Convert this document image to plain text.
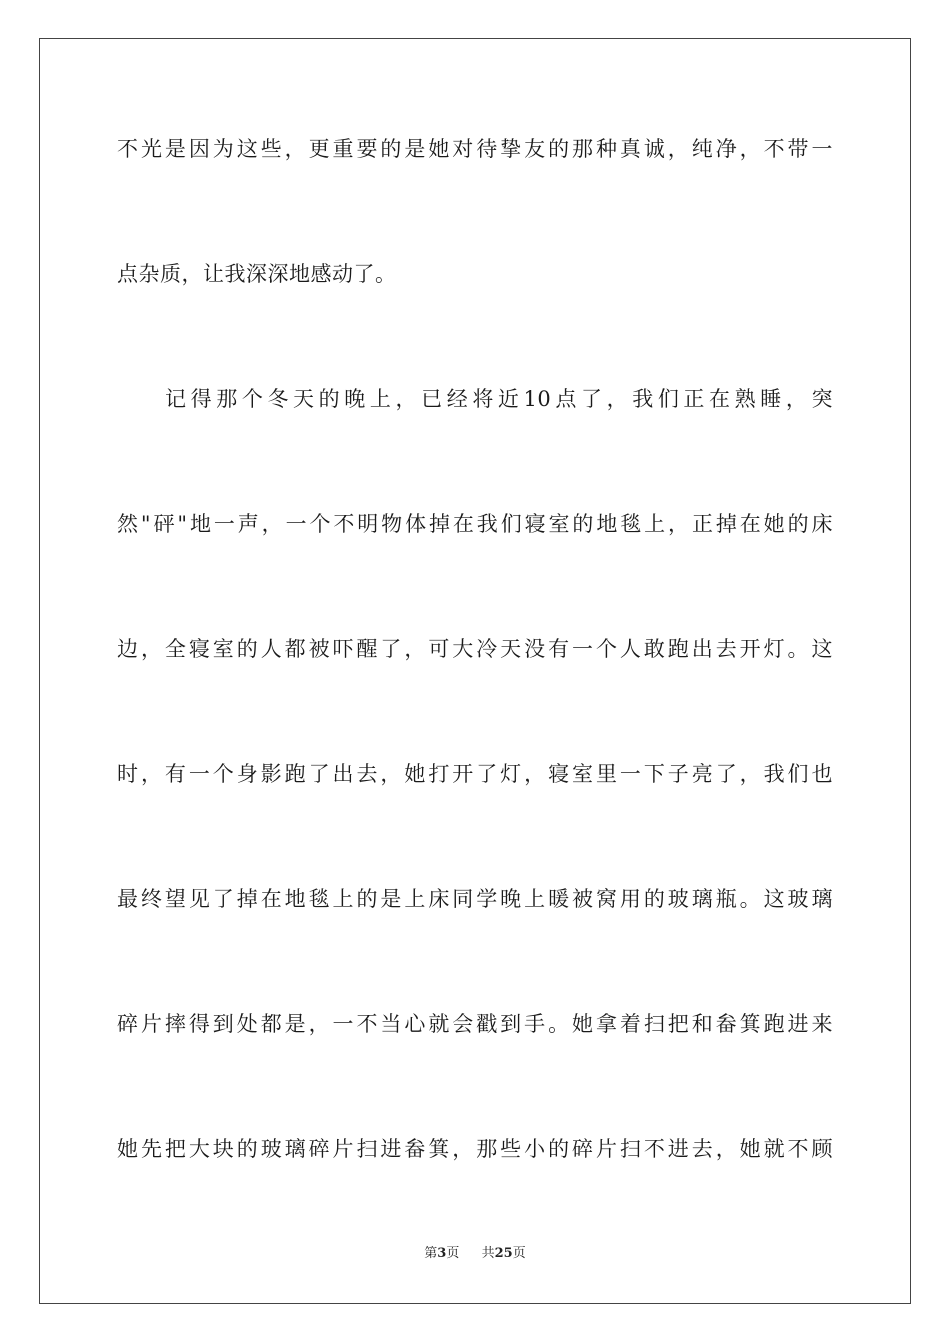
不光是因为这些，更重要的是她对待挚友的那种真诚，纯净，不带一
点杂质，让我深深地感动了。
记得那个冬天的晚上，已经将近10点了，我们正在熟睡，突
然"砰"地一声，一个不明物体掉在我们寝室的地毯上，正掉在她的床
边，全寝室的人都被吓醒了，可大冷天没有一个人敢跑出去开灯。这
时，有一个身影跑了出去，她打开了灯，寝室里一下子亮了，我们也
最终望见了掉在地毯上的是上床同学晚上暖被窝用的玻璃瓶。这玻璃
碎片摔得到处都是，一不当心就会戳到手。她拿着扫把和畚箕跑进来
她先把大块的玻璃碎片扫进畚箕，那些小的碎片扫不进去，她就不顾
第3页 共25页
